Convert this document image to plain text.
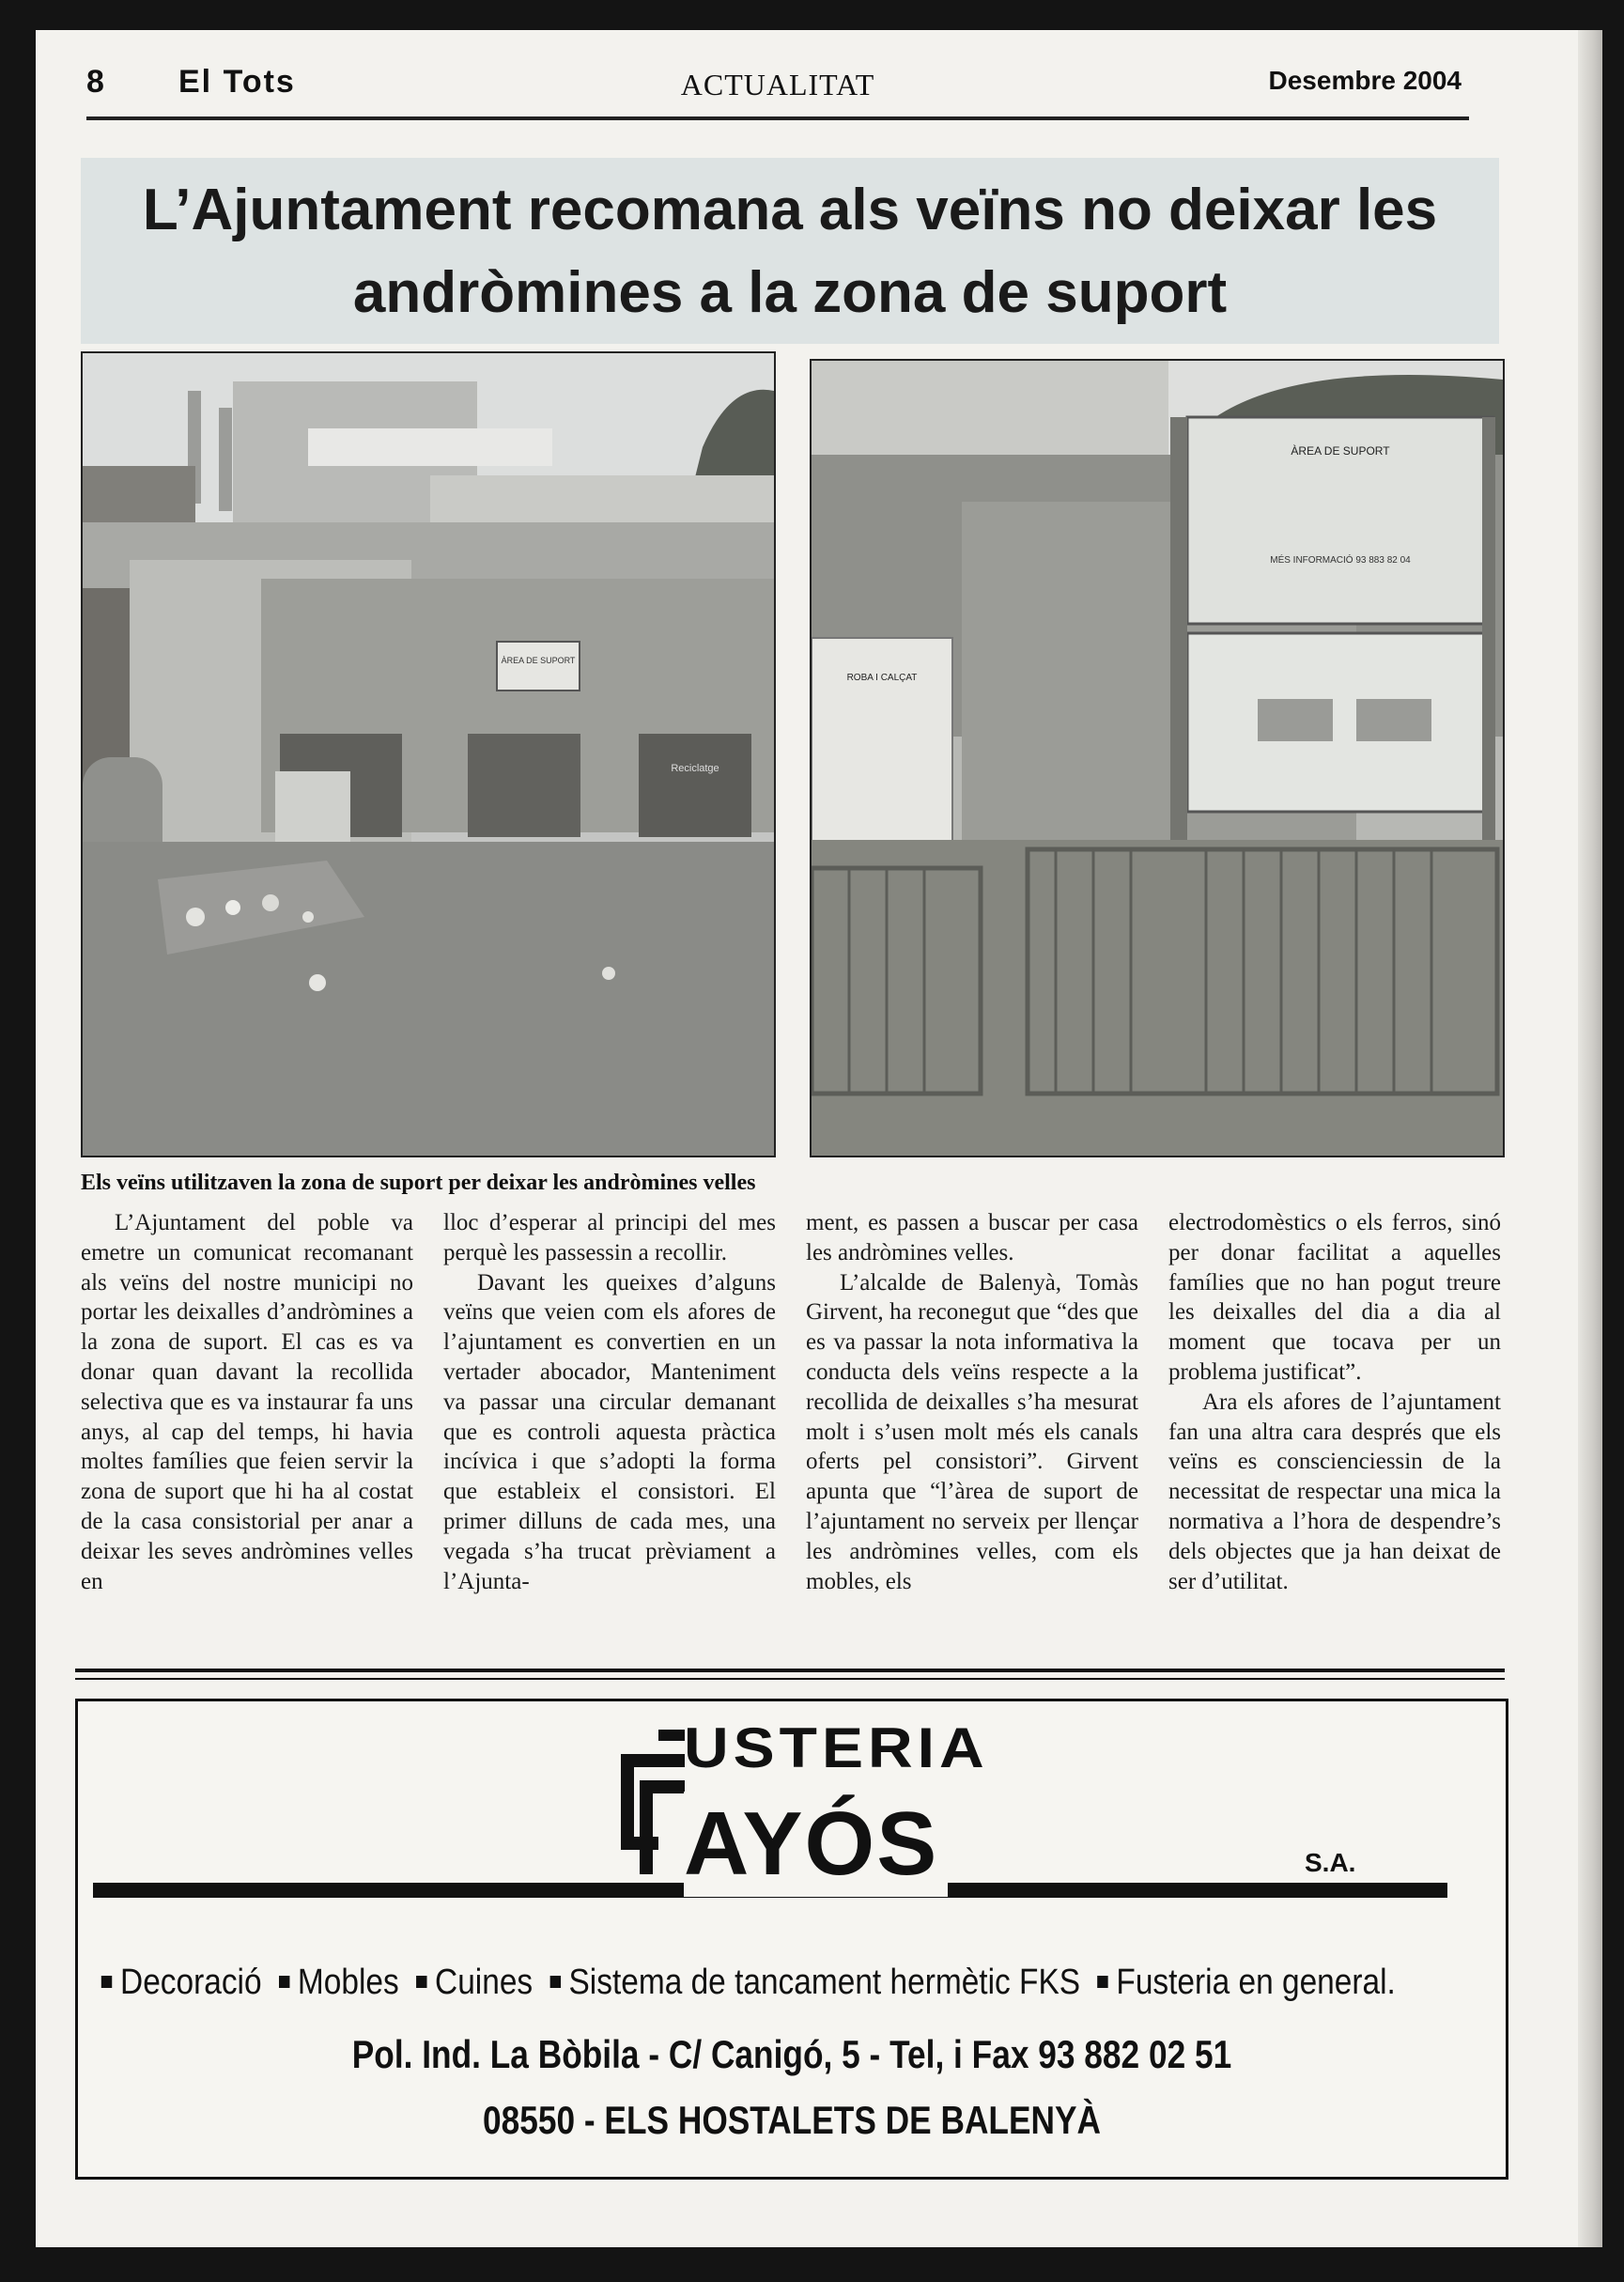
8 El Tots	ACTUALITAT	Desembre 2004
L’Ajuntament recomana als veïns no deixar les andròmines a la zona de suport
ÀREA DE SUPORT
Reciclatge
ROBA I CALÇAT
ÀREA DE SUPORT
MÉS INFORMACIÓ 93 883 82 04
Els veïns utilitzaven la zona de suport per deixar les andròmines velles

L’Ajuntament del poble va emetre un comunicat recomanant als veïns del nostre municipi no portar les deixalles d’andròmines a la zona de suport. El cas es va donar quan davant la recollida selectiva que es va instaurar fa uns anys, al cap del temps, hi havia moltes famílies que feien servir la zona de suport que hi ha al costat de la casa consistorial per anar a deixar les seves andròmines velles en

lloc d’esperar al principi del mes perquè les passessin a recollir.

Davant les queixes d’alguns veïns que veien com els afores de l’ajuntament es convertien en un vertader abocador, Manteniment va passar una circular demanant que es controli aquesta pràctica incívica i que s’adopti la forma que estableix el consistori. El primer dilluns de cada mes, una vegada s’ha trucat prèviament a l’Ajunta-

ment, es passen a buscar per casa les andròmines velles.

L’alcalde de Balenyà, Tomàs Girvent, ha reconegut que “des que es va passar la nota informativa la conducta dels veïns respecte a la recollida de deixalles s’ha mesurat molt i s’usen molt més els canals oferts pel consistori”. Girvent apunta que “l’àrea de suport de l’ajuntament no serveix per llençar les andròmines velles, com els mobles, els

electrodomèstics o els ferros, sinó per donar facilitat a aquelles famílies que no han pogut treure les deixalles del dia a dia al moment que tocava per un problema justificat”.

Ara els afores de l’ajuntament fan una altra cara després que els veïns es conscienciessin de la necessitat de respectar una mica la normativa a l’hora de despendre’s dels objectes que ja han deixat de ser d’utilitat.

USTERIA
AYÓS	S.A.
Decoració Mobles Cuines Sistema de tancament hermètic FKS Fusteria en general.
Pol. Ind. La Bòbila - C/ Canigó, 5 - Tel, i Fax 93 882 02 51
08550 - ELS HOSTALETS DE BALENYÀ
